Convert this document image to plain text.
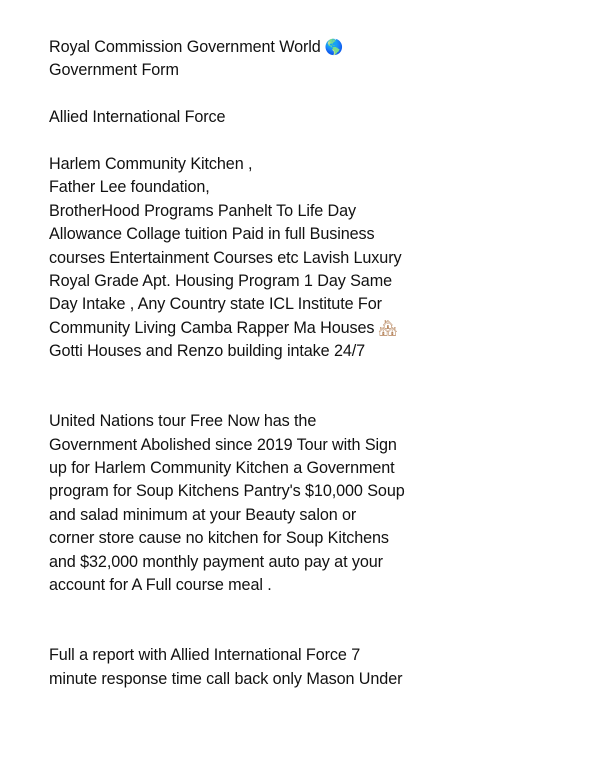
Royal Commission Government World 🌎
Government Form
Allied International Force
Harlem Community Kitchen ,
Father Lee foundation,
BrotherHood Programs Panhelt To Life Day
Allowance Collage tuition Paid in full Business
courses Entertainment Courses etc Lavish Luxury
Royal Grade Apt. Housing Program 1 Day Same
Day Intake , Any Country state ICL Institute For
Community Living Camba Rapper Ma Houses 🏘
Gotti Houses and Renzo building intake 24/7
United Nations tour Free Now has the
Government Abolished since 2019 Tour with Sign
up for Harlem Community Kitchen a Government
program for Soup Kitchens Pantry's $10,000 Soup
and salad minimum at your Beauty salon or
corner store cause no kitchen for Soup Kitchens
and $32,000 monthly payment auto pay at your
account for A Full course meal .
Full a report with Allied International Force 7
minute response time call back only Mason Under
